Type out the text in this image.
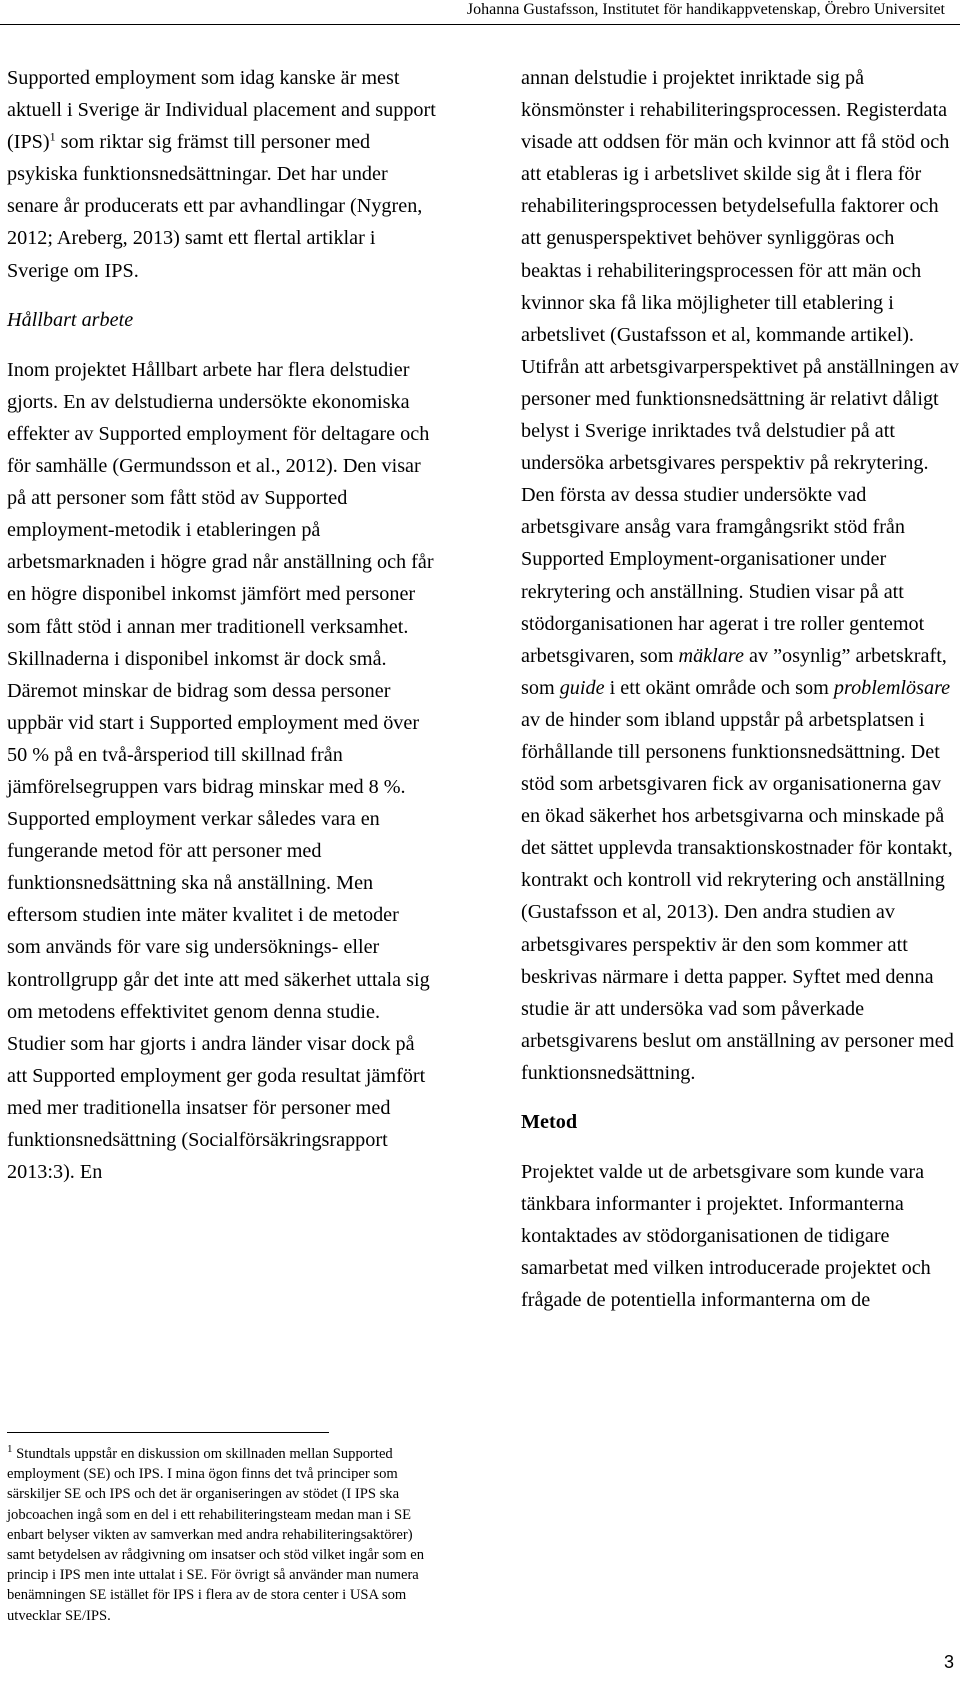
Johanna Gustafsson, Institutet för handikappvetenskap, Örebro Universitet

Supported employment som idag kanske är mest aktuell i Sverige är Individual placement and support (IPS)$^1$ som riktar sig främst till personer med psykiska funktionsnedsättningar. Det har under senare år producerats ett par avhandlingar (Nygren, 2012; Areberg, 2013) samt ett flertal artiklar i Sverige om IPS.

Hållbart arbete

Inom projektet Hållbart arbete har flera delstudier gjorts. En av delstudierna undersökte ekonomiska effekter av Supported employment för deltagare och för samhälle (Germundsson et al., 2012). Den visar på att personer som fått stöd av Supported employment-metodik i etableringen på arbetsmarknaden i högre grad når anställning och får en högre disponibel inkomst jämfört med personer som fått stöd i annan mer traditionell verksamhet. Skillnaderna i disponibel inkomst är dock små. Däremot minskar de bidrag som dessa personer uppbär vid start i Supported employment med över 50 % på en två-årsperiod till skillnad från jämförelsegruppen vars bidrag minskar med 8 %. Supported employment verkar således vara en fungerande metod för att personer med funktionsnedsättning ska nå anställning. Men eftersom studien inte mäter kvalitet i de metoder som används för vare sig undersöknings- eller kontrollgrupp går det inte att med säkerhet uttala sig om metodens effektivitet genom denna studie. Studier som har gjorts i andra länder visar dock på att Supported employment ger goda resultat jämfört med mer traditionella insatser för personer med funktionsnedsättning (Socialförsäkringsrapport 2013:3). En

$^1$ Stundtals uppstår en diskussion om skillnaden mellan Supported employment (SE) och IPS. I mina ögon finns det två principer som särskiljer SE och IPS och det är organiseringen av stödet (I IPS ska jobcoachen ingå som en del i ett rehabiliteringsteam medan man i SE enbart belyser vikten av samverkan med andra rehabiliteringsaktörer) samt betydelsen av rådgivning om insatser och stöd vilket ingår som en princip i IPS men inte uttalat i SE. För övrigt så använder man numera benämningen SE istället för IPS i flera av de stora center i USA som utvecklar SE/IPS.

annan delstudie i projektet inriktade sig på könsmönster i rehabiliteringsprocessen. Registerdata visade att oddsen för män och kvinnor att få stöd och att etableras ig i arbetslivet skilde sig åt i flera för rehabiliteringsprocessen betydelsefulla faktorer och att genusperspektivet behöver synliggöras och beaktas i rehabiliteringsprocessen för att män och kvinnor ska få lika möjligheter till etablering i arbetslivet (Gustafsson et al, kommande artikel). Utifrån att arbetsgivarperspektivet på anställningen av personer med funktionsnedsättning är relativt dåligt belyst i Sverige inriktades två delstudier på att undersöka arbetsgivares perspektiv på rekrytering. Den första av dessa studier undersökte vad arbetsgivare ansåg vara framgångsrikt stöd från Supported Employment-organisationer under rekrytering och anställning. Studien visar på att stödorganisationen har agerat i tre roller gentemot arbetsgivaren, som mäklare av ”osynlig” arbetskraft, som guide i ett okänt område och som problemlösare av de hinder som ibland uppstår på arbetsplatsen i förhållande till personens funktionsnedsättning. Det stöd som arbetsgivaren fick av organisationerna gav en ökad säkerhet hos arbetsgivarna och minskade på det sättet upplevda transaktionskostnader för kontakt, kontrakt och kontroll vid rekrytering och anställning (Gustafsson et al, 2013). Den andra studien av arbetsgivares perspektiv är den som kommer att beskrivas närmare i detta papper. Syftet med denna studie är att undersöka vad som påverkade arbetsgivarens beslut om anställning av personer med funktionsnedsättning.

Metod

Projektet valde ut de arbetsgivare som kunde vara tänkbara informanter i projektet. Informanterna kontaktades av stödorganisationen de tidigare samarbetat med vilken introducerade projektet och frågade de potentiella informanterna om de

3
